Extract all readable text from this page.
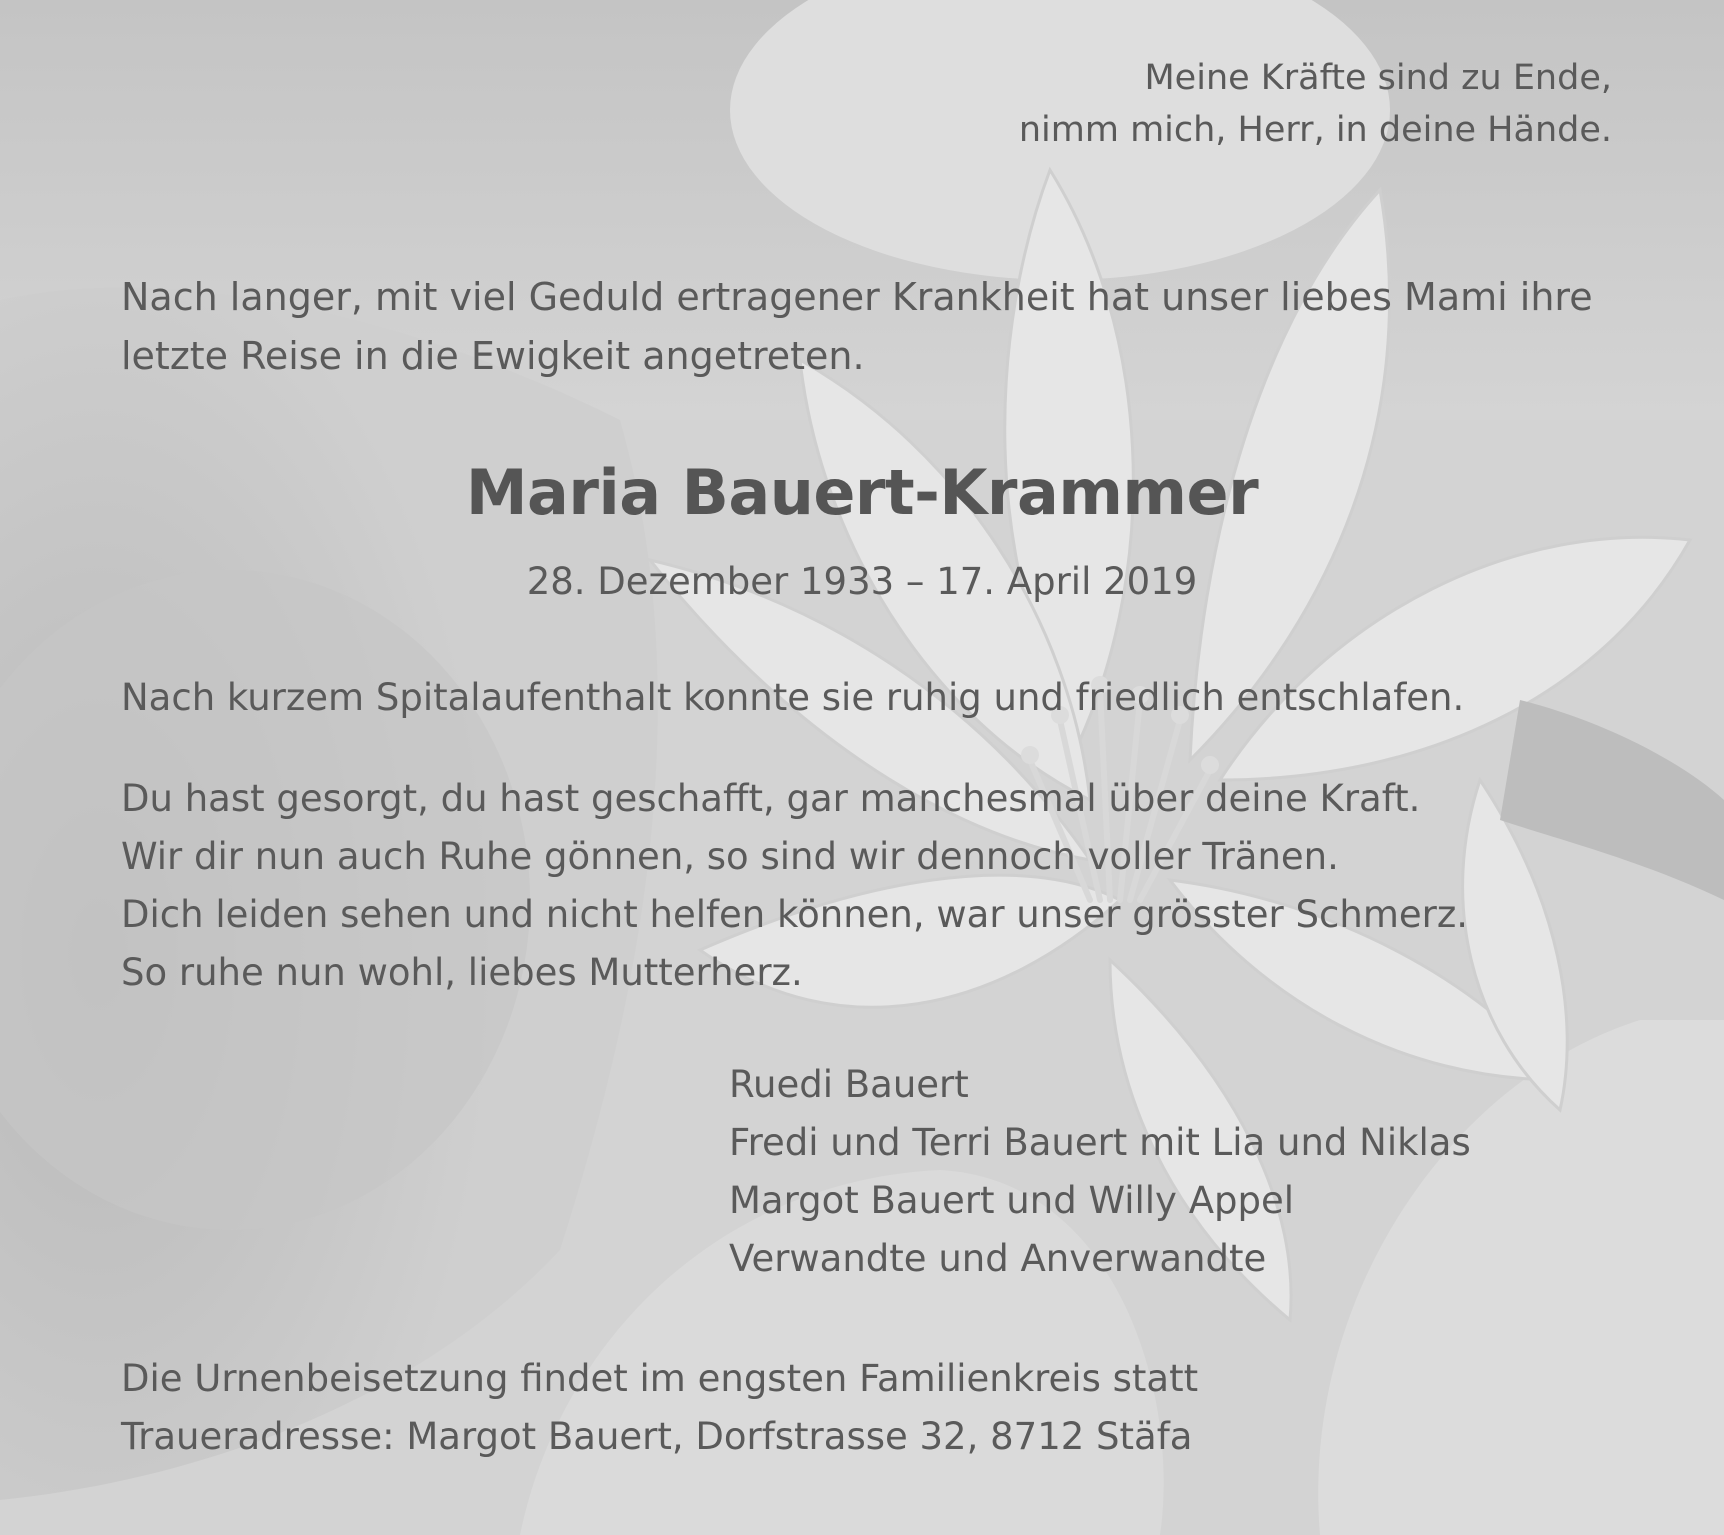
Meine Kräfte sind zu Ende,
nimm mich, Herr, in deine Hände.
Nach langer, mit viel Geduld ertragener Krankheit hat unser liebes Mami ihre
letzte Reise in die Ewigkeit angetreten.
Maria Bauert-Krammer
28. Dezember 1933 – 17. April 2019
Nach kurzem Spitalaufenthalt konnte sie ruhig und friedlich entschlafen.
Du hast gesorgt, du hast geschafft, gar manchesmal über deine Kraft.
Wir dir nun auch Ruhe gönnen, so sind wir dennoch voller Tränen.
Dich leiden sehen und nicht helfen können, war unser grösster Schmerz.
So ruhe nun wohl, liebes Mutterherz.
Ruedi Bauert
Fredi und Terri Bauert mit Lia und Niklas
Margot Bauert und Willy Appel
Verwandte und Anverwandte
Die Urnenbeisetzung findet im engsten Familienkreis statt
Traueradresse: Margot Bauert, Dorfstrasse 32, 8712 Stäfa
